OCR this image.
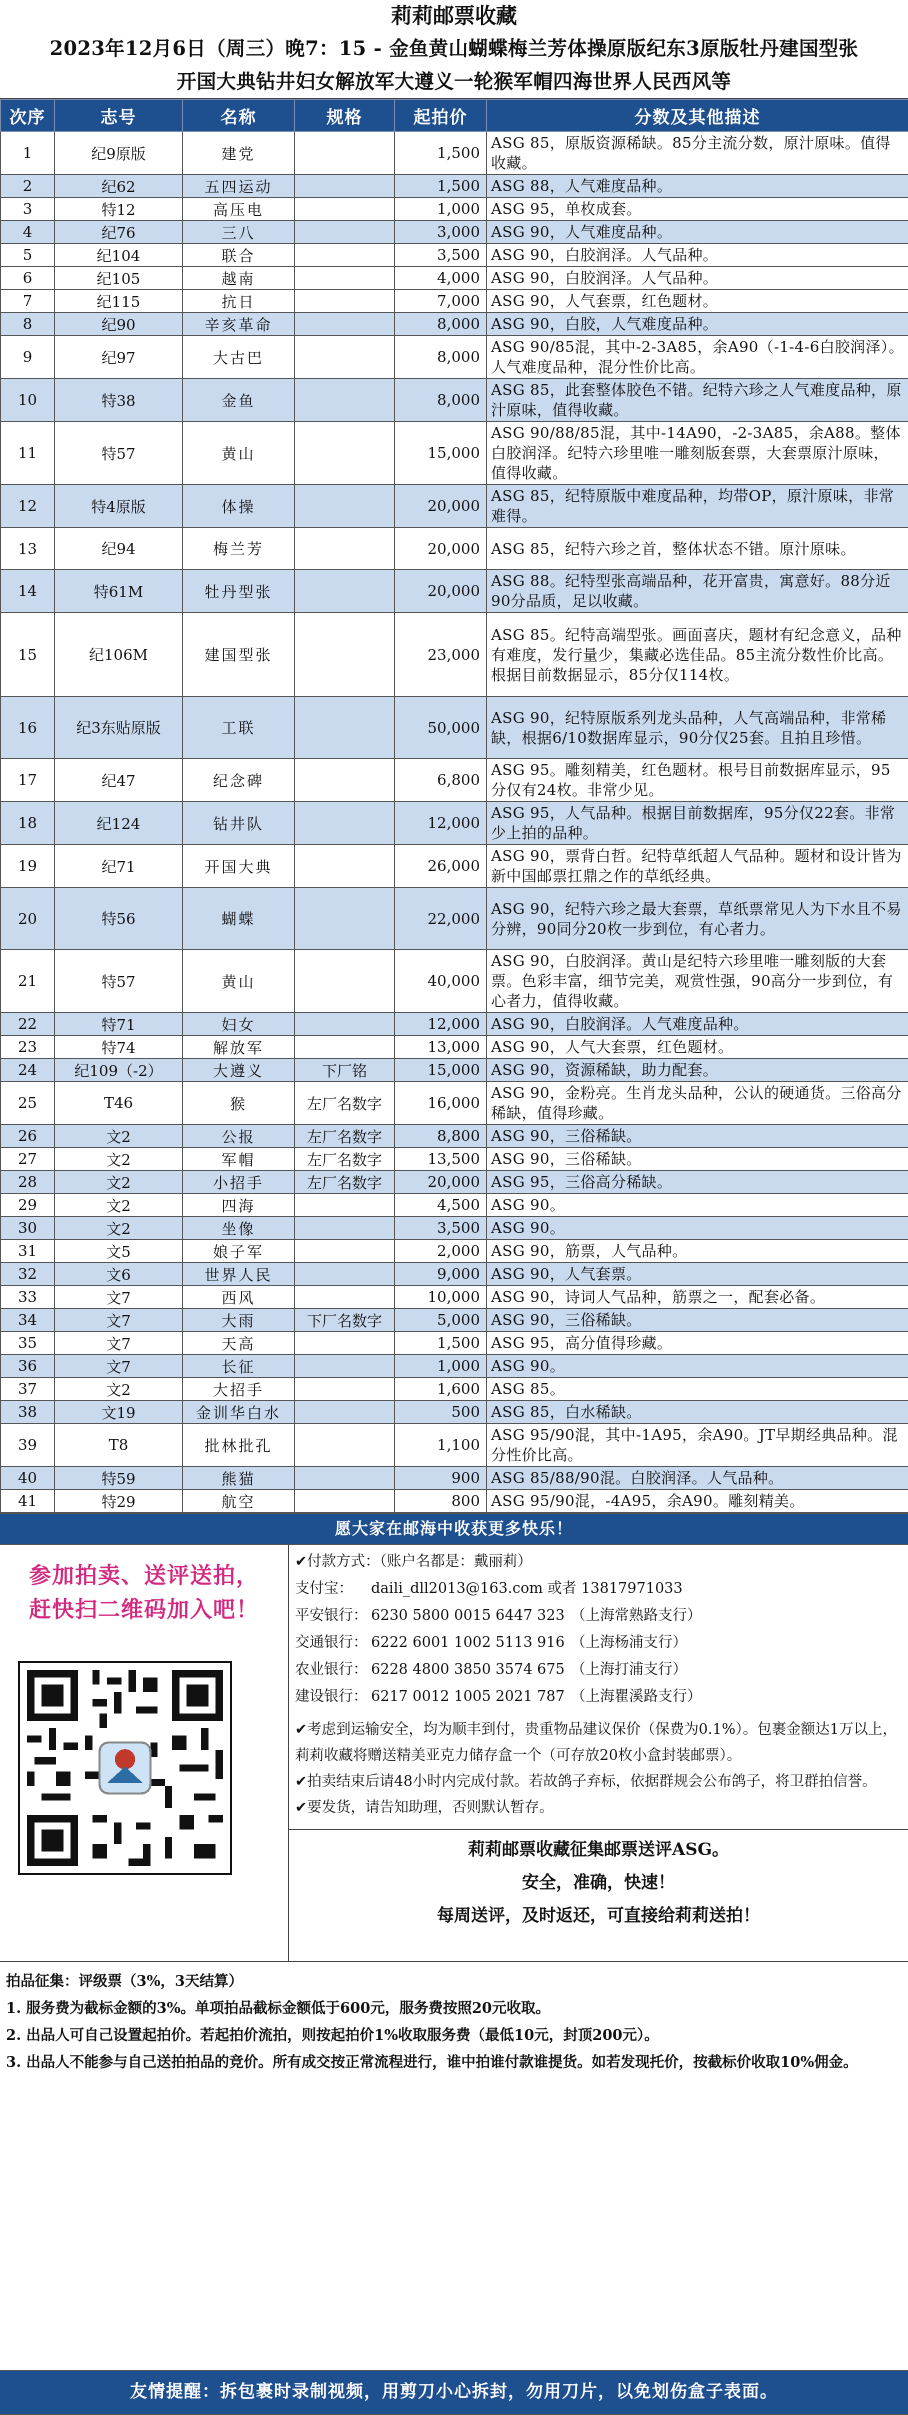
莉莉邮票收藏
2023年12月6日（周三）晚7：15 - 金鱼黄山蝴蝶梅兰芳体操原版纪东3原版牡丹建国型张
开国大典钻井妇女解放军大遵义一轮猴军帽四海世界人民西风等
次序	志号	名称	规格	起拍价	分数及其他描述
1	纪9原版	建党		1,500	ASG 85，原版资源稀缺。85分主流分数，原汁原味。值得收藏。
2	纪62	五四运动		1,500	ASG 88，人气难度品种。
3	特12	高压电		1,000	ASG 95，单枚成套。
4	纪76	三八		3,000	ASG 90，人气难度品种。
5	纪104	联合		3,500	ASG 90，白胶润泽。人气品种。
6	纪105	越南		4,000	ASG 90，白胶润泽。人气品种。
7	纪115	抗日		7,000	ASG 90，人气套票，红色题材。
8	纪90	辛亥革命		8,000	ASG 90，白胶，人气难度品种。
9	纪97	大古巴		8,000	ASG 90/85混，其中-2-3A85，余A90（-1-4-6白胶润泽）。人气难度品种，混分性价比高。
10	特38	金鱼		8,000	ASG 85，此套整体胶色不错。纪特六珍之人气难度品种，原汁原味，值得收藏。
11	特57	黄山		15,000	ASG 90/88/85混，其中-14A90，-2-3A85，余A88。整体白胶润泽。纪特六珍里唯一雕刻版套票，大套票原汁原味，值得收藏。
12	特4原版	体操		20,000	ASG 85，纪特原版中难度品种，均带OP，原汁原味，非常难得。
13	纪94	梅兰芳		20,000	ASG 85，纪特六珍之首，整体状态不错。原汁原味。
14	特61M	牡丹型张		20,000	ASG 88。纪特型张高端品种，花开富贵，寓意好。88分近90分品质，足以收藏。
15	纪106M	建国型张		23,000	ASG 85。纪特高端型张。画面喜庆，题材有纪念意义，品种有难度，发行量少，集藏必选佳品。85主流分数性价比高。根据目前数据显示，85分仅114枚。
16	纪3东贴原版	工联		50,000	ASG 90，纪特原版系列龙头品种，人气高端品种，非常稀缺，根据6/10数据库显示，90分仅25套。且拍且珍惜。
17	纪47	纪念碑		6,800	ASG 95。雕刻精美，红色题材。根号目前数据库显示，95分仅有24枚。非常少见。
18	纪124	钻井队		12,000	ASG 95，人气品种。根据目前数据库，95分仅22套。非常少上拍的品种。
19	纪71	开国大典		26,000	ASG 90，票背白哲。纪特草纸超人气品种。题材和设计皆为新中国邮票扛鼎之作的草纸经典。
20	特56	蝴蝶		22,000	ASG 90，纪特六珍之最大套票，草纸票常见人为下水且不易分辨，90同分20枚一步到位，有心者力。
21	特57	黄山		40,000	ASG 90，白胶润泽。黄山是纪特六珍里唯一雕刻版的大套票。色彩丰富，细节完美，观赏性强，90高分一步到位，有心者力，值得收藏。
22	特71	妇女		12,000	ASG 90，白胶润泽。人气难度品种。
23	特74	解放军		13,000	ASG 90，人气大套票，红色题材。
24	纪109（-2）	大遵义	下厂铭	15,000	ASG 90，资源稀缺，助力配套。
25	T46	猴	左厂名数字	16,000	ASG 90，金粉亮。生肖龙头品种，公认的硬通货。三俗高分稀缺，值得珍藏。
26	文2	公报	左厂名数字	8,800	ASG 90，三俗稀缺。
27	文2	军帽	左厂名数字	13,500	ASG 90，三俗稀缺。
28	文2	小招手	左厂名数字	20,000	ASG 95，三俗高分稀缺。
29	文2	四海		4,500	ASG 90。
30	文2	坐像		3,500	ASG 90。
31	文5	娘子军		2,000	ASG 90，筋票，人气品种。
32	文6	世界人民		9,000	ASG 90，人气套票。
33	文7	西风		10,000	ASG 90，诗词人气品种，筋票之一，配套必备。
34	文7	大雨	下厂名数字	5,000	ASG 90，三俗稀缺。
35	文7	天高		1,500	ASG 95，高分值得珍藏。
36	文7	长征		1,000	ASG 90。
37	文2	大招手		1,600	ASG 85。
38	文19	金训华白水		500	ASG 85，白水稀缺。
39	T8	批林批孔		1,100	ASG 95/90混，其中-1A95，余A90。JT早期经典品种。混分性价比高。
40	特59	熊猫		900	ASG 85/88/90混。白胶润泽。人气品种。
41	特29	航空		800	ASG 95/90混，-4A95，余A90。雕刻精美。
愿大家在邮海中收获更多快乐！
参加拍卖、送评送拍，
赶快扫二维码加入吧！
✔付款方式：（账户名都是：戴丽莉）
支付宝： daili_dll2013@163.com 或者 13817971033
平安银行： 6230 5800 0015 6447 323 （上海常熟路支行）
交通银行： 6222 6001 1002 5113 916 （上海杨浦支行）
农业银行： 6228 4800 3850 3574 675 （上海打浦支行）
建设银行： 6217 0012 1005 2021 787 （上海瞿溪路支行）
✔考虑到运输安全，均为顺丰到付，贵重物品建议保价（保费为0.1%）。包裹金额达1万以上，莉莉收藏将赠送精美亚克力储存盒一个（可存放20枚小盒封装邮票）。
✔拍卖结束后请48小时内完成付款。若故鸽子弃标，依据群规会公布鸽子，将卫群拍信誉。
✔要发货，请告知助理，否则默认暂存。
莉莉邮票收藏征集邮票送评ASG。
安全，准确，快速！
每周送评，及时返还，可直接给莉莉送拍！
拍品征集：评级票（3%，3天结算）
1. 服务费为截标金额的3%。单项拍品截标金额低于600元，服务费按照20元收取。
2. 出品人可自己设置起拍价。若起拍价流拍，则按起拍价1%收取服务费（最低10元，封顶200元）。
3. 出品人不能参与自己送拍拍品的竞价。所有成交按正常流程进行，谁中拍谁付款谁提货。如若发现托价，按截标价收取10%佣金。
友情提醒：拆包裹时录制视频，用剪刀小心拆封，勿用刀片，以免划伤盒子表面。
